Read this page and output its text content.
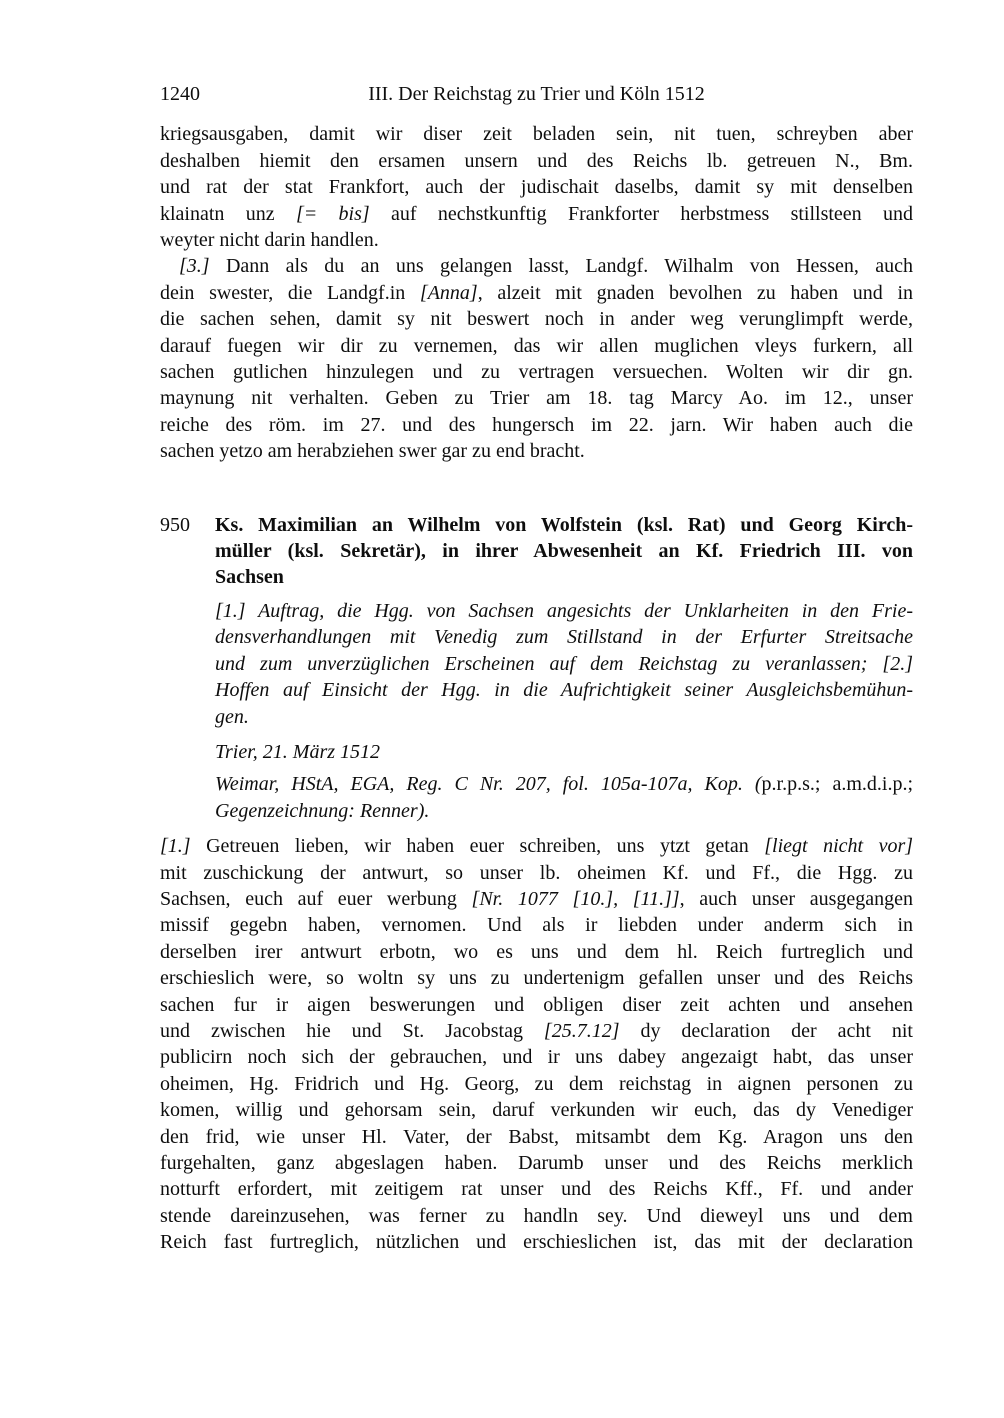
1240	III. Der Reichstag zu Trier und Köln 1512
kriegsausgaben, damit wir diser zeit beladen sein, nit tuen, schreyben aber
deshalben hiemit den ersamen unsern und des Reichs lb. getreuen N., Bm.
und rat der stat Frankfort, auch der judischait daselbs, damit sy mit denselben
klainatn unz [= bis] auf nechstkunftig Frankforter herbstmess stillsteen und
weyter nicht darin handlen.
[3.] Dann als du an uns gelangen lasst, Landgf. Wilhalm von Hessen, auch
dein swester, die Landgf.in [Anna], alzeit mit gnaden bevolhen zu haben und in
die sachen sehen, damit sy nit beswert noch in ander weg verunglimpft werde,
darauf fuegen wir dir zu vernemen, das wir allen muglichen vleys furkern, all
sachen gutlichen hinzulegen und zu vertragen versuechen. Wolten wir dir gn.
maynung nit verhalten. Geben zu Trier am 18. tag Marcy Ao. im 12., unser
reiche des röm. im 27. und des hungersch im 22. jarn. Wir haben auch die
sachen yetzo am herabziehen swer gar zu end bracht.
950 Ks. Maximilian an Wilhelm von Wolfstein (ksl. Rat) und Georg Kirch-
müller (ksl. Sekretär), in ihrer Abwesenheit an Kf. Friedrich III. von
Sachsen
[1.] Auftrag, die Hgg. von Sachsen angesichts der Unklarheiten in den Frie-
densverhandlungen mit Venedig zum Stillstand in der Erfurter Streitsache
und zum unverzüglichen Erscheinen auf dem Reichstag zu veranlassen; [2.]
Hoffen auf Einsicht der Hgg. in die Aufrichtigkeit seiner Ausgleichsbemühun-
gen.
Trier, 21. März 1512
Weimar, HStA, EGA, Reg. C Nr. 207, fol. 105a-107a, Kop. (p.r.p.s.; a.m.d.i.p.;
Gegenzeichnung: Renner).
[1.] Getreuen lieben, wir haben euer schreiben, uns ytzt getan [liegt nicht vor]
mit zuschickung der antwurt, so unser lb. oheimen Kf. und Ff., die Hgg. zu
Sachsen, euch auf euer werbung [Nr. 1077 [10.], [11.]], auch unser ausgegangen
missif gegebn haben, vernomen. Und als ir liebden under anderm sich in
derselben irer antwurt erbotn, wo es uns und dem hl. Reich furtreglich und
erschieslich were, so woltn sy uns zu undertenigm gefallen unser und des Reichs
sachen fur ir aigen beswerungen und obligen diser zeit achten und ansehen
und zwischen hie und St. Jacobstag [25.7.12] dy declaration der acht nit
publicirn noch sich der gebrauchen, und ir uns dabey angezaigt habt, das unser
oheimen, Hg. Fridrich und Hg. Georg, zu dem reichstag in aignen personen zu
komen, willig und gehorsam sein, daruf verkunden wir euch, das dy Venediger
den frid, wie unser Hl. Vater, der Babst, mitsambt dem Kg. Aragon uns den
furgehalten, ganz abgeslagen haben. Darumb unser und des Reichs merklich
notturft erfordert, mit zeitigem rat unser und des Reichs Kff., Ff. und ander
stende dareinzusehen, was ferner zu handln sey. Und dieweyl uns und dem
Reich fast furtreglich, nützlichen und erschieslichen ist, das mit der declaration
